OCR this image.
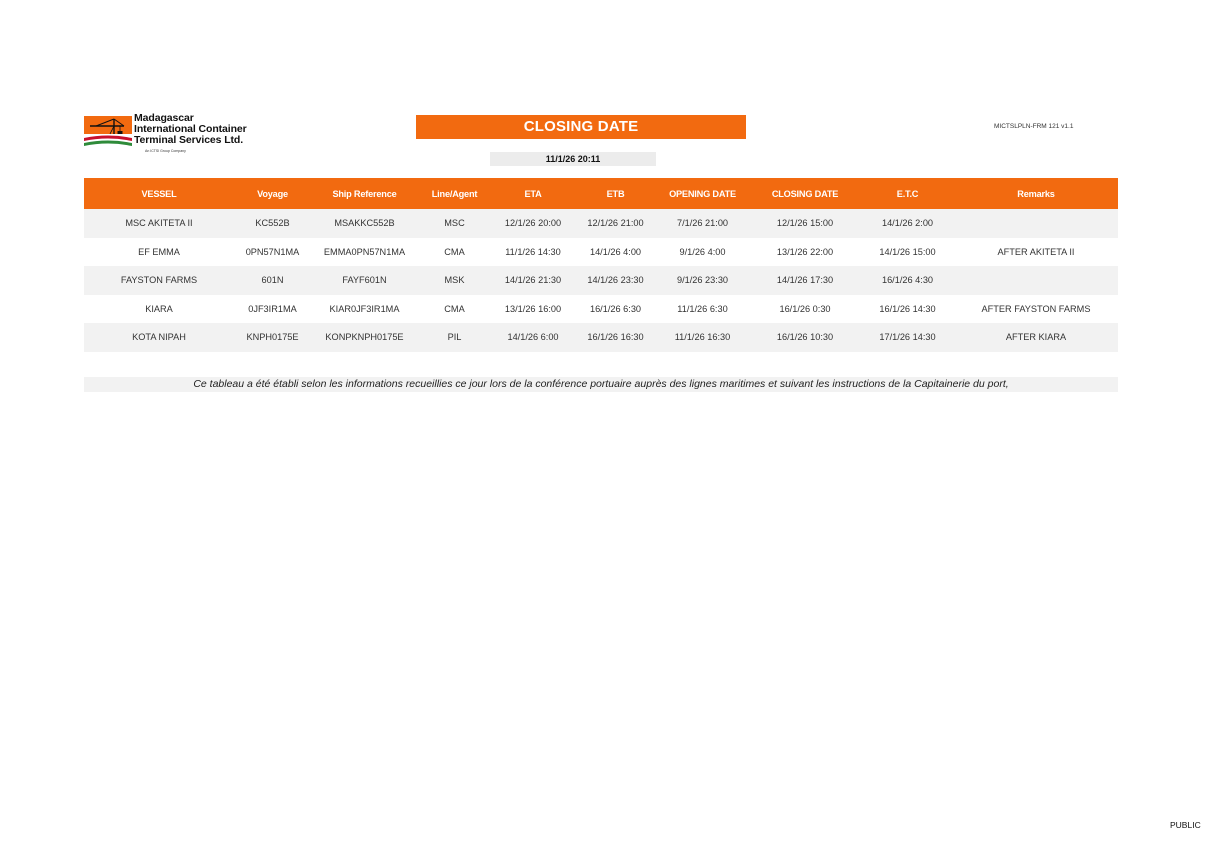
Madagascar
International Container
Terminal Services Ltd.
An ICTSI Group Company
CLOSING DATE
11/1/26 20:11
MICTSLPLN-FRM 121 v1.1
VESSEL	Voyage	Ship Reference	Line/Agent	ETA	ETB	OPENING DATE	CLOSING DATE	E.T.C	Remarks
MSC AKITETA II	KC552B	MSAKKC552B	MSC	12/1/26 20:00	12/1/26 21:00	7/1/26 21:00	12/1/26 15:00	14/1/26 2:00	
EF EMMA	0PN57N1MA	EMMA0PN57N1MA	CMA	11/1/26 14:30	14/1/26 4:00	9/1/26 4:00	13/1/26 22:00	14/1/26 15:00	AFTER AKITETA II
FAYSTON FARMS	601N	FAYF601N	MSK	14/1/26 21:30	14/1/26 23:30	9/1/26 23:30	14/1/26 17:30	16/1/26 4:30	
KIARA	0JF3IR1MA	KIAR0JF3IR1MA	CMA	13/1/26 16:00	16/1/26 6:30	11/1/26 6:30	16/1/26 0:30	16/1/26 14:30	AFTER FAYSTON FARMS
KOTA NIPAH	KNPH0175E	KONPKNPH0175E	PIL	14/1/26 6:00	16/1/26 16:30	11/1/26 16:30	16/1/26 10:30	17/1/26 14:30	AFTER KIARA
Ce tableau a été établi selon les informations recueillies ce jour lors de la conférence portuaire auprès des lignes maritimes et suivant les instructions de la Capitainerie du port,
PUBLIC
